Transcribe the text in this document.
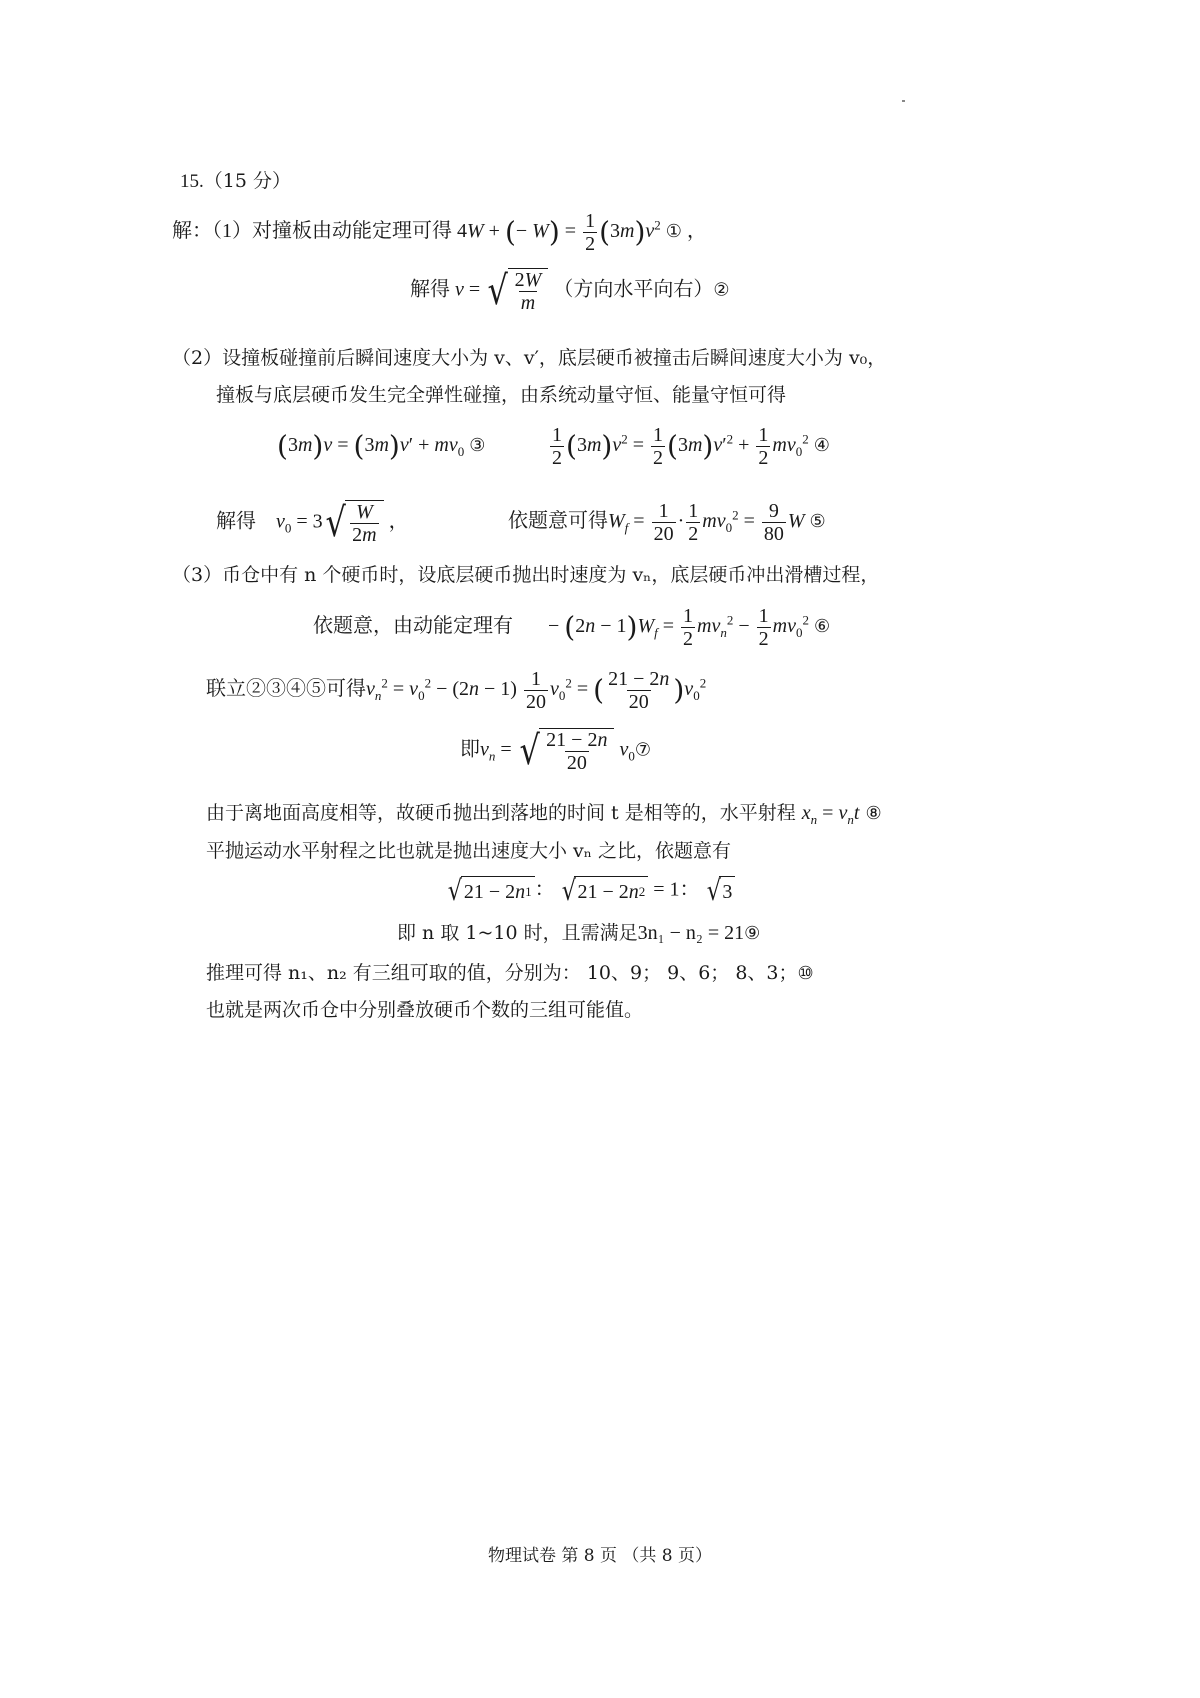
15.（15 分）
解：（1）对撞板由动能定理可得 4W + (− $W) = \frac{1}{2} (3m)v^2$ ① ，
解得 v = √ $\frac{2W}{m}$ （方向水平向右）②
（2）设撞板碰撞前后瞬间速度大小为 v、v′，底层硬币被撞击后瞬间速度大小为 v₀，
撞板与底层硬币发生完全弹性碰撞，由系统动量守恒、能量守恒可得
$(3m)v = (3m)v' + mv_0$ ③	$\frac{1}{2} (3m)v^2 = \frac{1}{2} (3m)v'^2 + \frac{1}{2} mv_0^2$ ④
解得 $v_0 = 3$ √ $\frac{W}{2m}$ ，	依题意可得$W_f = \frac{1}{20} \cdot \frac{1}{2} mv_0^2 = \frac{9}{80}$ W ⑤
（3）币仓中有 n 个硬币时，设底层硬币抛出时速度为 vₙ，底层硬币冲出滑槽过程，
依题意，由动能定理有       − $(2n - 1)W_f = \frac{1}{2} mv_n^2 - \frac{1}{2} mv_0^2$ ⑥
联立②③④⑤可得$v_n^2 = v_0^2 - (2n - 1) \frac{1}{20} v_0^2$ = ( $\frac{21 - 2n}{20} )v_0^2$
即$v_n$ = √ $\frac{21 - 2n}{20}$ $v_0⑦$
由于离地面高度相等，故硬币抛出到落地的时间 t 是相等的，水平射程 $x_n = v_nt$ ⑧
平抛运动水平射程之比也就是抛出速度大小 vₙ 之比，依题意有
√ 21 − 2 n 1 ： √ 21 − 2 n 2 = 1： √ 3
即 n 取 1~10 时，且需满足3n₁ − n₂ = 21⑨
推理可得 n₁、n₂ 有三组可取的值，分别为： 10、9； 9、6； 8、3；⑩
也就是两次币仓中分别叠放硬币个数的三组可能值。
物理试卷 第 8 页 （共 8 页）
